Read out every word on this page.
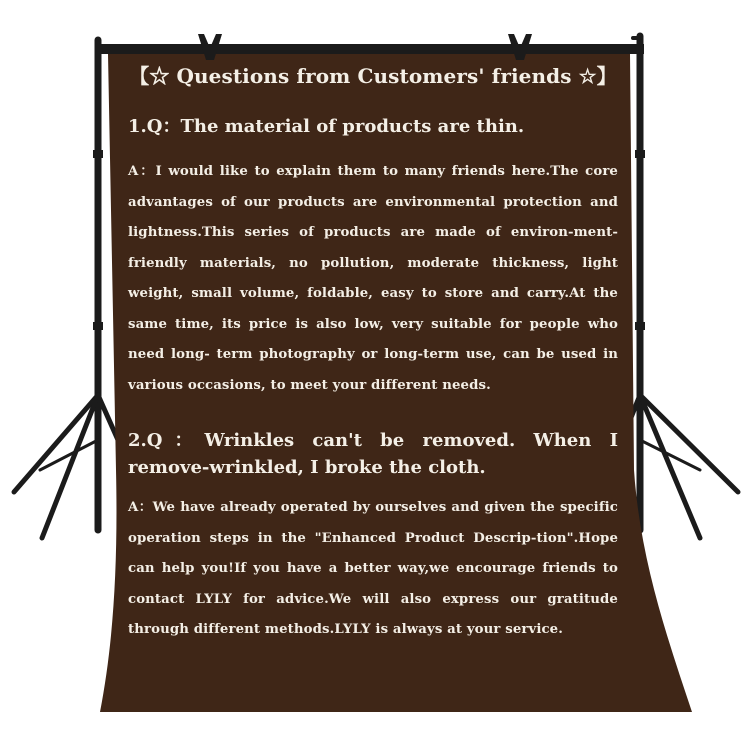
【☆ Questions from Customers' friends ☆】

1.Q：The material of products are thin.

A：I would like to explain them to many friends here.The core advantages of our products are environmental protection and lightness.This series of products are made of environ-ment-friendly materials, no pollution, moderate thickness, light weight, small volume, foldable, easy to store and carry.At the same time, its price is also low, very suitable for people who need long- term photography or long-term use, can be used in various occasions, to meet your different needs.

2.Q：Wrinkles can't be removed. When I remove-wrinkled, I broke the cloth.

A：We have already operated by ourselves and given the specific operation steps in the "Enhanced Product Descrip-tion".Hope can help you!If you have a better way,we encourage friends to contact LYLY for advice.We will also express our gratitude through different methods.LYLY is always at your service.
